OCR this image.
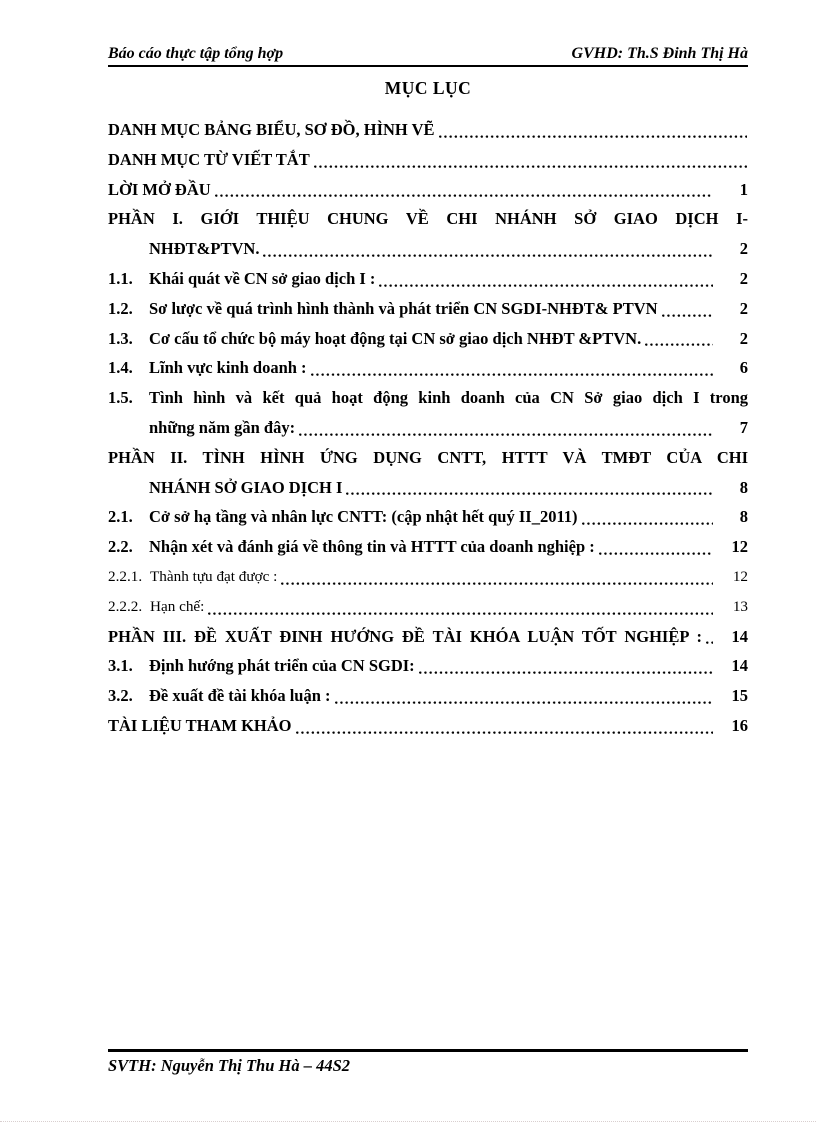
Báo cáo thực tập tổng hợp	GVHD: Th.S Đinh Thị Hà
MỤC LỤC
DANH MỤC BẢNG BIỂU, SƠ ĐỒ, HÌNH VẼ
DANH MỤC TỪ VIẾT TẮT
LỜI MỞ ĐẦU	1
PHẦN I. GIỚI THIỆU CHUNG VỀ CHI NHÁNH SỞ GIAO DỊCH I-
NHĐT&PTVN.	2
1.1. Khái quát về CN sở giao dịch I :	2
1.2. Sơ lược về quá trình hình thành và phát triển CN SGDI-NHĐT& PTVN	2
1.3. Cơ cấu tổ chức bộ máy hoạt động tại CN sở giao dịch NHĐT &PTVN.	2
1.4. Lĩnh vực kinh doanh :	6
1.5. Tình hình và kết quả hoạt động kinh doanh của CN Sở giao dịch I trong
những năm gần đây:	7
PHẦN II. TÌNH HÌNH ỨNG DỤNG CNTT, HTTT VÀ TMĐT CỦA CHI
NHÁNH SỞ GIAO DỊCH I	8
2.1. Cở sở hạ tầng và nhân lực CNTT: (cập nhật hết quý II_2011)	8
2.2. Nhận xét và đánh giá về thông tin và HTTT của doanh nghiệp :	12
2.2.1. Thành tựu đạt được :	12
2.2.2. Hạn chế:	13
PHẦN III. ĐỀ XUẤT ĐINH HƯỚNG ĐỀ TÀI KHÓA LUẬN TỐT NGHIỆP :	14
3.1. Định hướng phát triển của CN SGDI:	14
3.2. Đề xuất đề tài khóa luận :	15
TÀI LIỆU THAM KHẢO	16
SVTH: Nguyễn Thị Thu Hà – 44S2
